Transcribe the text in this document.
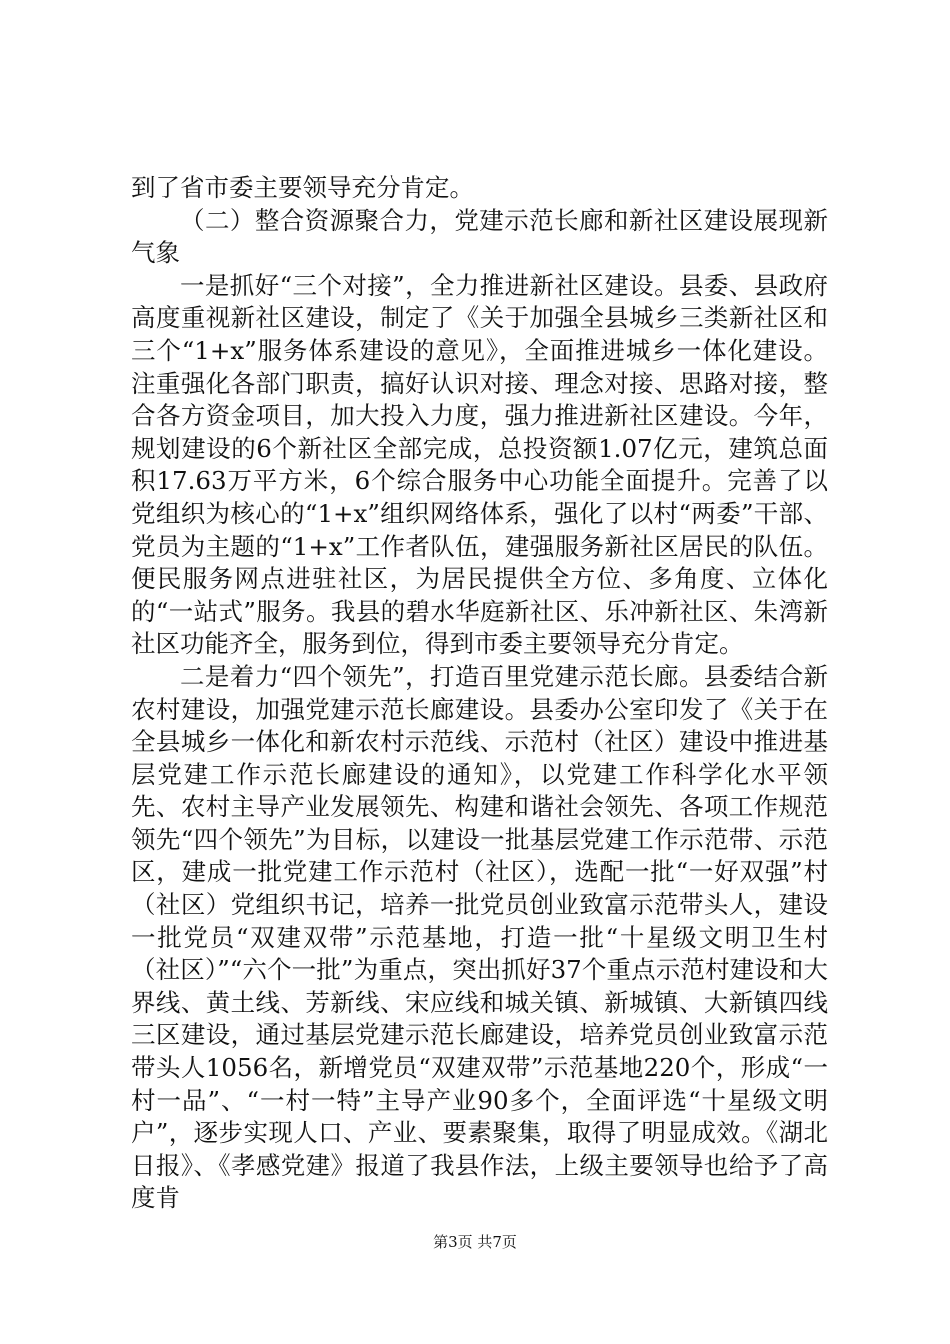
到了省市委主要领导充分肯定。

（二）整合资源聚合力，党建示范长廊和新社区建设展现新气象

一是抓好“三个对接”，全力推进新社区建设。县委、县政府高度重视新社区建设，制定了《关于加强全县城乡三类新社区和三个“1+x”服务体系建设的意见》，全面推进城乡一体化建设。注重强化各部门职责，搞好认识对接、理念对接、思路对接，整合各方资金项目，加大投入力度，强力推进新社区建设。今年，规划建设的6个新社区全部完成，总投资额1.07亿元，建筑总面积17.63万平方米，6个综合服务中心功能全面提升。完善了以党组织为核心的“1+x”组织网络体系，强化了以村“两委”干部、党员为主题的“1+x”工作者队伍，建强服务新社区居民的队伍。便民服务网点进驻社区，为居民提供全方位、多角度、立体化的“一站式”服务。我县的碧水华庭新社区、乐冲新社区、朱湾新社区功能齐全，服务到位，得到市委主要领导充分肯定。

二是着力“四个领先”，打造百里党建示范长廊。县委结合新农村建设，加强党建示范长廊建设。县委办公室印发了《关于在全县城乡一体化和新农村示范线、示范村（社区）建设中推进基层党建工作示范长廊建设的通知》，以党建工作科学化水平领先、农村主导产业发展领先、构建和谐社会领先、各项工作规范领先“四个领先”为目标，以建设一批基层党建工作示范带、示范区，建成一批党建工作示范村（社区），选配一批“一好双强”村（社区）党组织书记，培养一批党员创业致富示范带头人，建设一批党员“双建双带”示范基地，打造一批“十星级文明卫生村（社区）”“六个一批”为重点，突出抓好37个重点示范村建设和大界线、黄土线、芳新线、宋应线和城关镇、新城镇、大新镇四线三区建设，通过基层党建示范长廊建设，培养党员创业致富示范带头人1056名，新增党员“双建双带”示范基地220个，形成“一村一品”、“一村一特”主导产业90多个，全面评选“十星级文明户”，逐步实现人口、产业、要素聚集，取得了明显成效。《湖北日报》、《孝感党建》报道了我县作法，上级主要领导也给予了高度肯

第3页 共7页
